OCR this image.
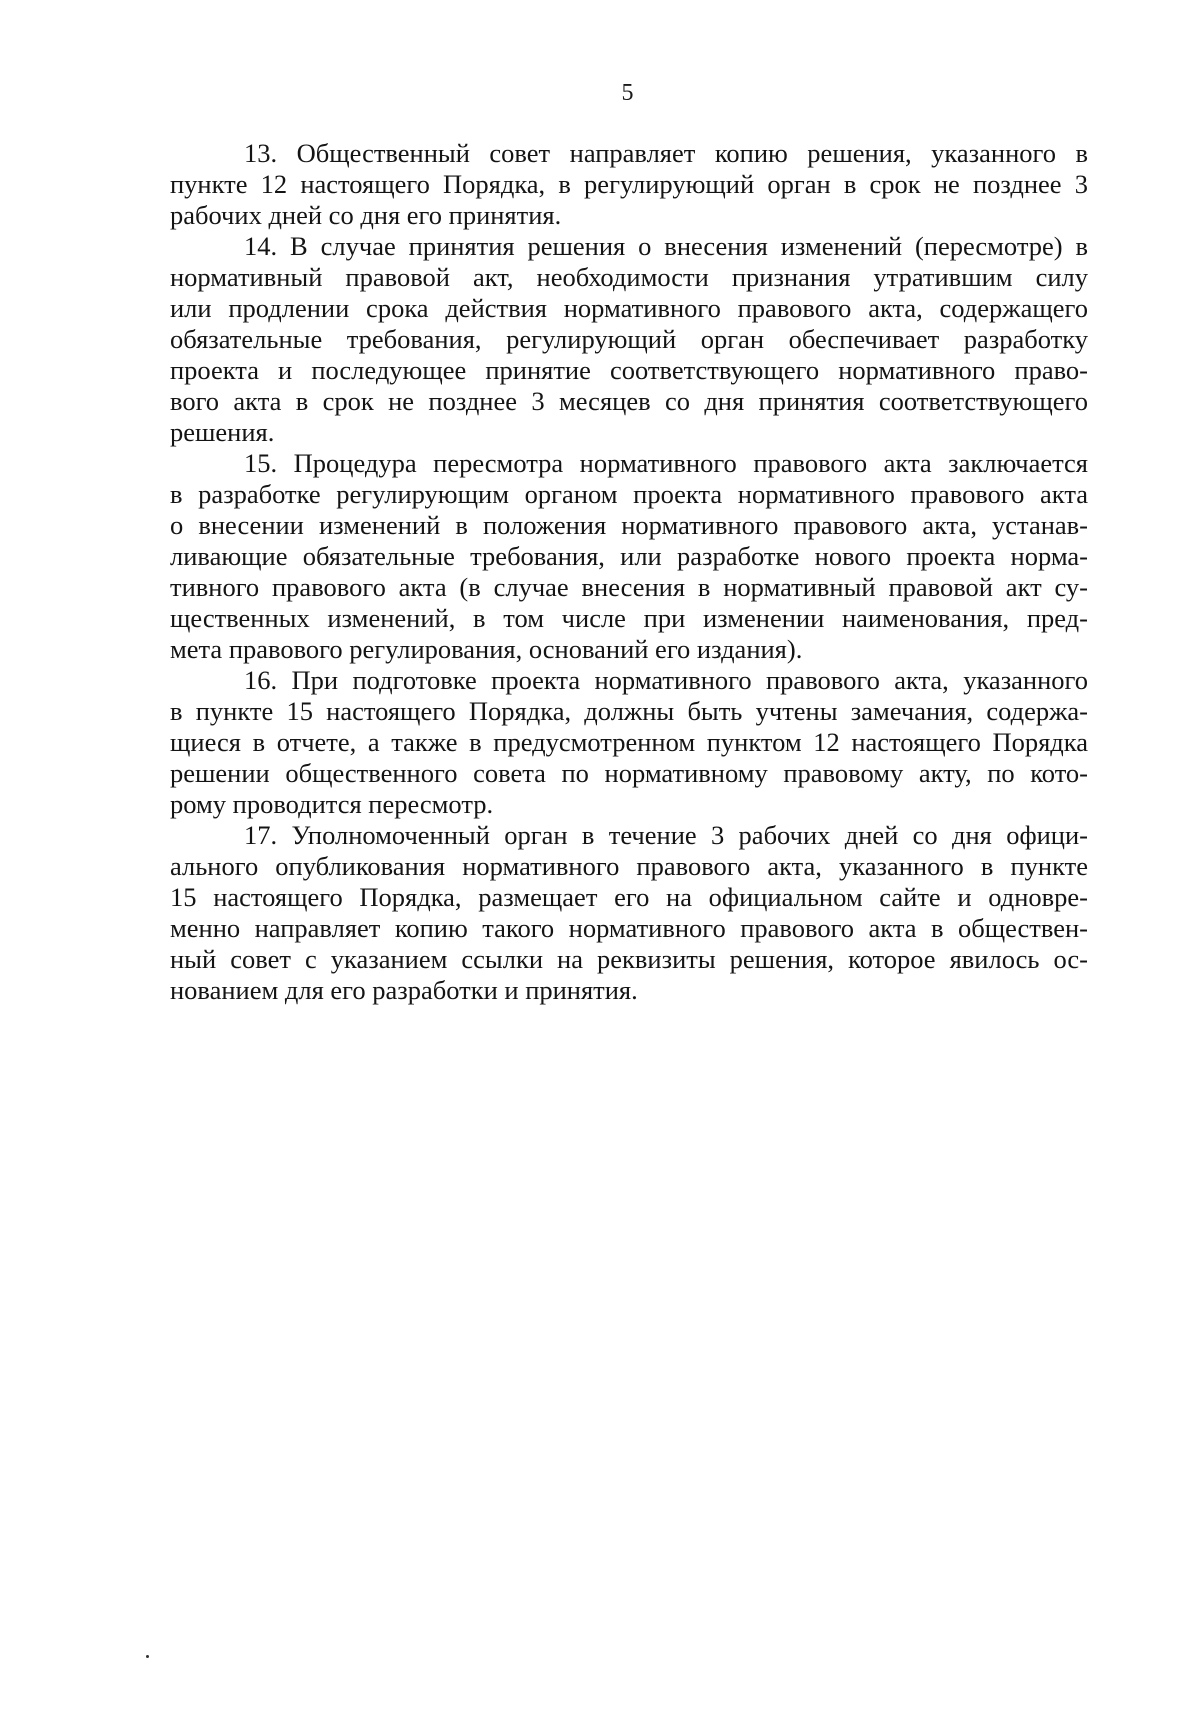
5
13. Общественный совет направляет копию решения, указанного в
пункте 12 настоящего Порядка, в регулирующий орган в срок не позднее 3
рабочих дней со дня его принятия.
14. В случае принятия решения о внесения изменений (пересмотре) в
нормативный правовой акт, необходимости признания утратившим силу
или продлении срока действия нормативного правового акта, содержащего
обязательные требования, регулирующий орган обеспечивает разработку
проекта и последующее принятие соответствующего нормативного право-
вого акта в срок не позднее 3 месяцев со дня принятия соответствующего
решения.
15. Процедура пересмотра нормативного правового акта заключается
в разработке регулирующим органом проекта нормативного правового акта
о внесении изменений в положения нормативного правового акта, устанав-
ливающие обязательные требования, или разработке нового проекта норма-
тивного правового акта (в случае внесения в нормативный правовой акт су-
щественных изменений, в том числе при изменении наименования, пред-
мета правового регулирования, оснований его издания).
16. При подготовке проекта нормативного правового акта, указанного
в пункте 15 настоящего Порядка, должны быть учтены замечания, содержа-
щиеся в отчете, а также в предусмотренном пунктом 12 настоящего Порядка
решении общественного совета по нормативному правовому акту, по кото-
рому проводится пересмотр.
17. Уполномоченный орган в течение 3 рабочих дней со дня офици-
ального опубликования нормативного правового акта, указанного в пункте
15 настоящего Порядка, размещает его на официальном сайте и одновре-
менно направляет копию такого нормативного правового акта в обществен-
ный совет с указанием ссылки на реквизиты решения, которое явилось ос-
нованием для его разработки и принятия.
